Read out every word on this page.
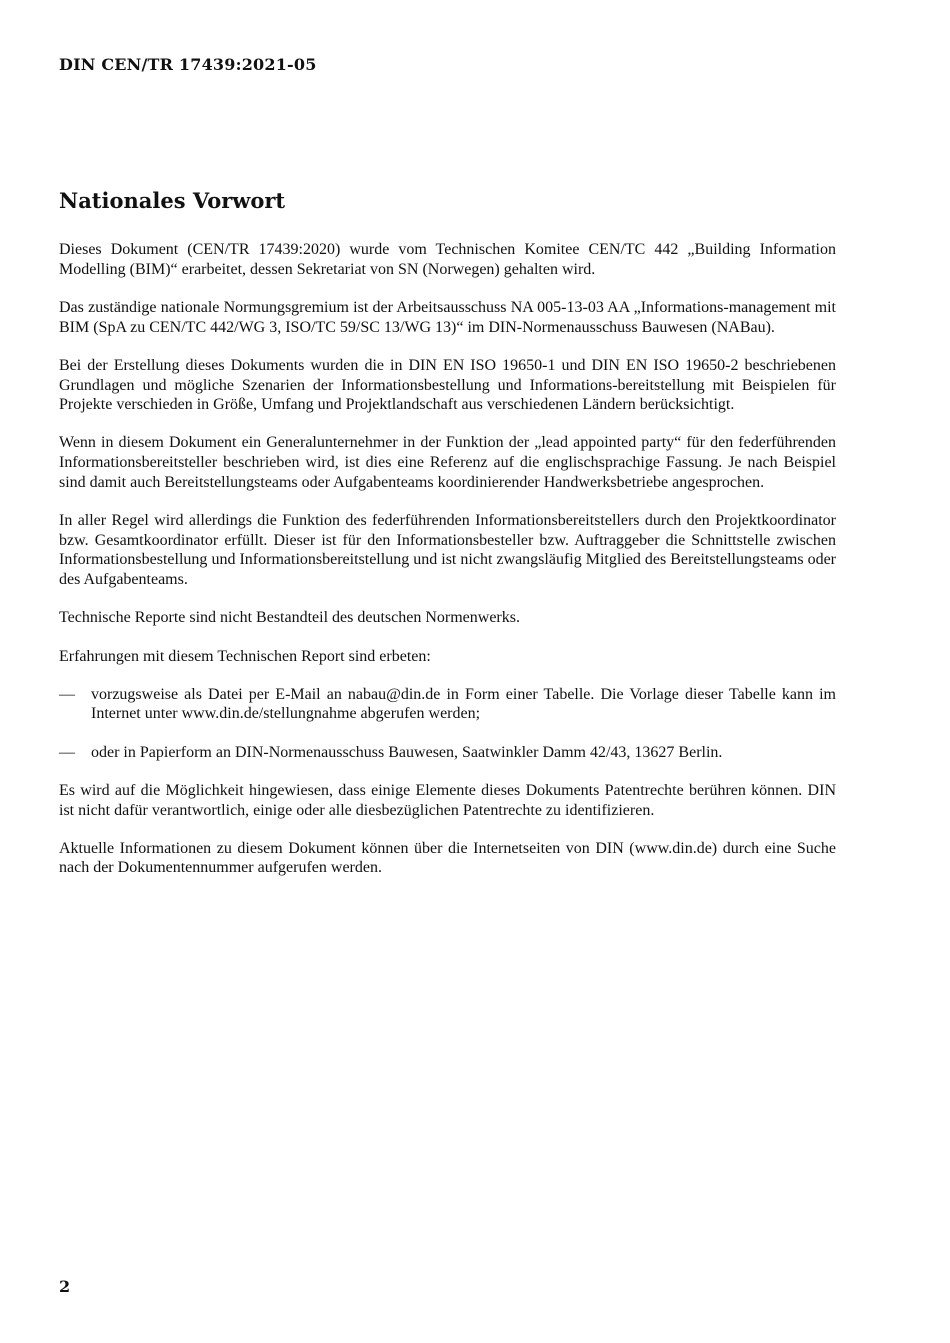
DIN CEN/TR 17439:2021-05
Nationales Vorwort

Dieses Dokument (CEN/TR 17439:2020) wurde vom Technischen Komitee CEN/TC 442 „Building Information Modelling (BIM)“ erarbeitet, dessen Sekretariat von SN (Norwegen) gehalten wird.

Das zuständige nationale Normungsgremium ist der Arbeitsausschuss NA 005-13-03 AA „Informations-management mit BIM (SpA zu CEN/TC 442/WG 3, ISO/TC 59/SC 13/WG 13)“ im DIN-Normenausschuss Bauwesen (NABau).

Bei der Erstellung dieses Dokuments wurden die in DIN EN ISO 19650-1 und DIN EN ISO 19650-2 beschriebenen Grundlagen und mögliche Szenarien der Informationsbestellung und Informations-bereitstellung mit Beispielen für Projekte verschieden in Größe, Umfang und Projektlandschaft aus verschiedenen Ländern berücksichtigt.

Wenn in diesem Dokument ein Generalunternehmer in der Funktion der „lead appointed party“ für den federführenden Informationsbereitsteller beschrieben wird, ist dies eine Referenz auf die englischsprachige Fassung. Je nach Beispiel sind damit auch Bereitstellungsteams oder Aufgabenteams koordinierender Handwerksbetriebe angesprochen.

In aller Regel wird allerdings die Funktion des federführenden Informationsbereitstellers durch den Projektkoordinator bzw. Gesamtkoordinator erfüllt. Dieser ist für den Informationsbesteller bzw. Auftraggeber die Schnittstelle zwischen Informationsbestellung und Informationsbereitstellung und ist nicht zwangsläufig Mitglied des Bereitstellungsteams oder des Aufgabenteams.

Technische Reporte sind nicht Bestandteil des deutschen Normenwerks.

Erfahrungen mit diesem Technischen Report sind erbeten:

— vorzugsweise als Datei per E-Mail an nabau@din.de in Form einer Tabelle. Die Vorlage dieser Tabelle kann im Internet unter www.din.de/stellungnahme abgerufen werden;
— oder in Papierform an DIN-Normenausschuss Bauwesen, Saatwinkler Damm 42/43, 13627 Berlin.

Es wird auf die Möglichkeit hingewiesen, dass einige Elemente dieses Dokuments Patentrechte berühren können. DIN ist nicht dafür verantwortlich, einige oder alle diesbezüglichen Patentrechte zu identifizieren.

Aktuelle Informationen zu diesem Dokument können über die Internetseiten von DIN (www.din.de) durch eine Suche nach der Dokumentennummer aufgerufen werden.

2
